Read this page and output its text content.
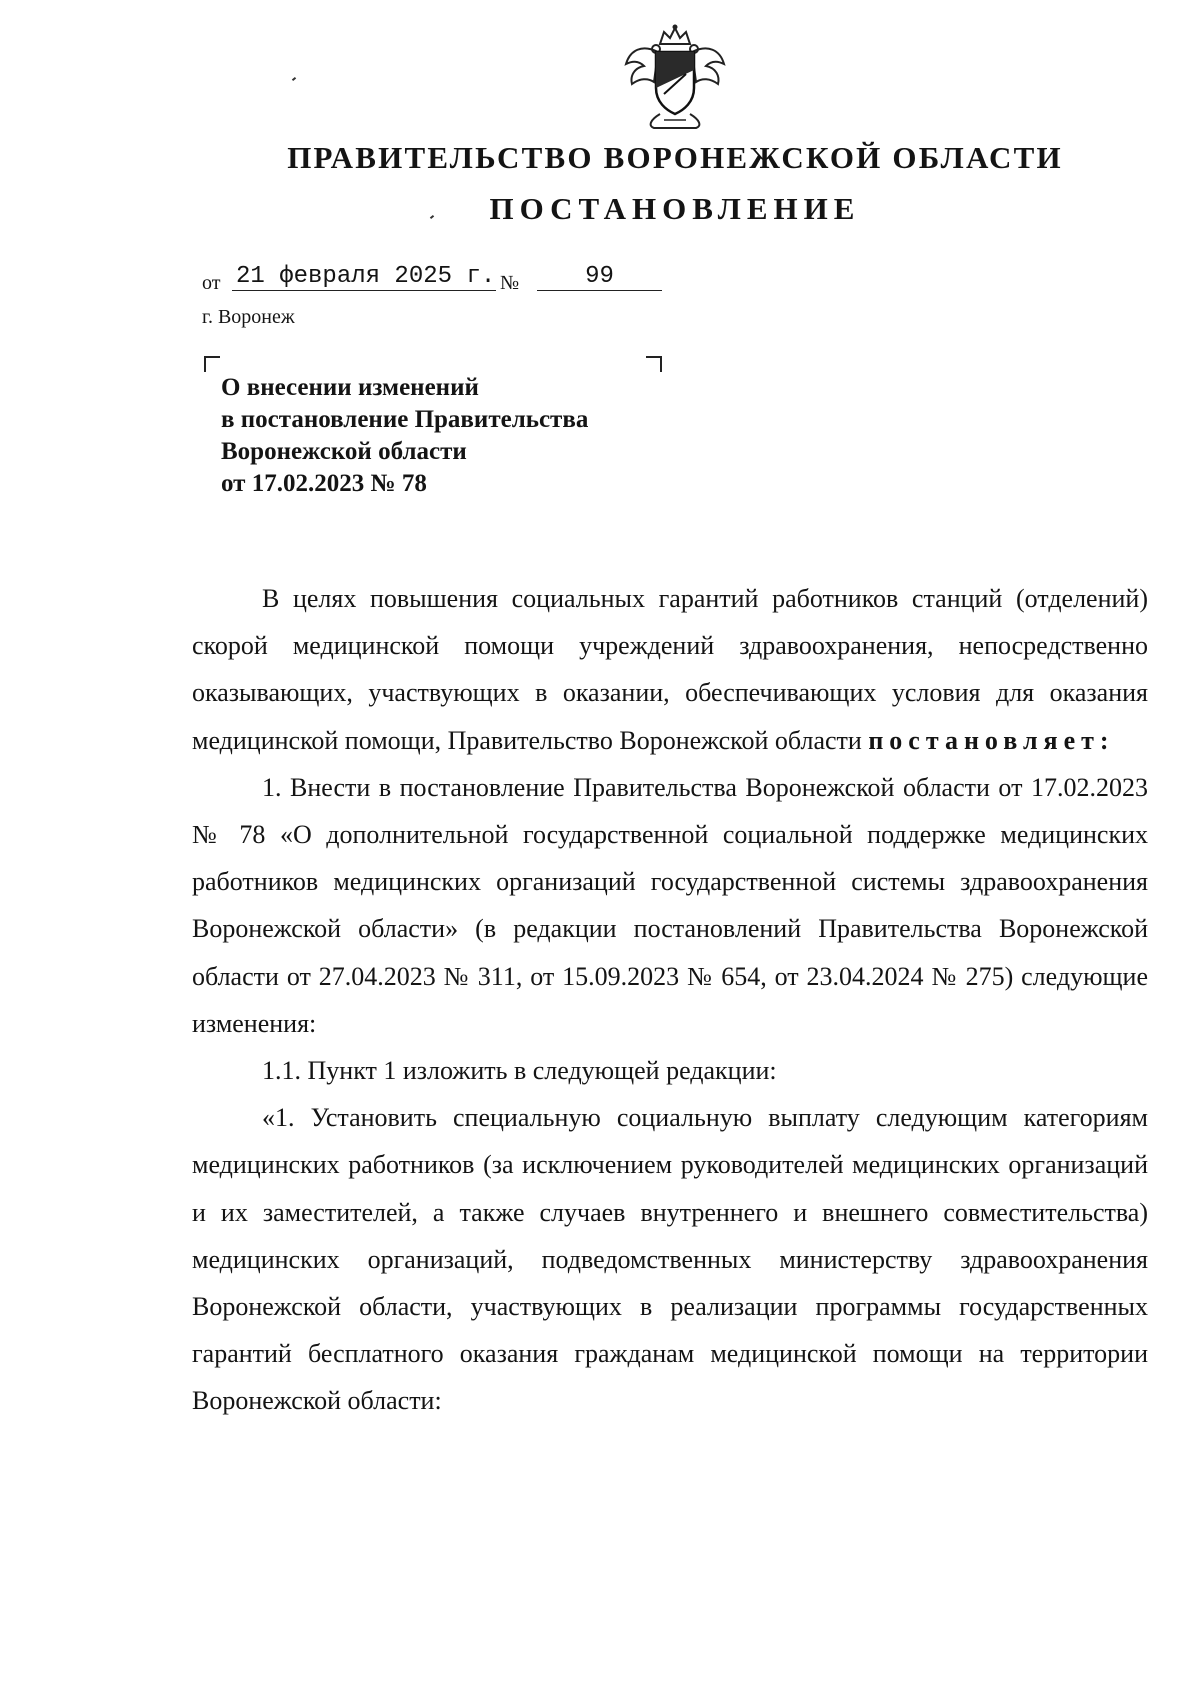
ПРАВИТЕЛЬСТВО ВОРОНЕЖСКОЙ ОБЛАСТИ
ПОСТАНОВЛЕНИЕ
от 21 февраля 2025 г. №	99
г. Воронеж
О внесении изменений
в постановление Правительства
Воронежской области
от 17.02.2023 № 78

В целях повышения социальных гарантий работников станций (отделений) скорой медицинской помощи учреждений здравоохранения, непосредственно оказывающих, участвующих в оказании, обеспечивающих условия для оказания медицинской помощи, Правительство Воронежской области постановляет:

1. Внести в постановление Правительства Воронежской области от 17.02.2023 № 78 «О дополнительной государственной социальной поддержке медицинских работников медицинских организаций государственной системы здравоохранения Воронежской области» (в редакции постановлений Правительства Воронежской области от 27.04.2023 № 311, от 15.09.2023 № 654, от 23.04.2024 № 275) следующие изменения:

1.1. Пункт 1 изложить в следующей редакции:

«1. Установить специальную социальную выплату следующим категориям медицинских работников (за исключением руководителей медицинских организаций и их заместителей, а также случаев внутреннего и внешнего совместительства) медицинских организаций, подведомственных министерству здравоохранения Воронежской области, участвующих в реализации программы государственных гарантий бесплатного оказания гражданам медицинской помощи на территории Воронежской области:
